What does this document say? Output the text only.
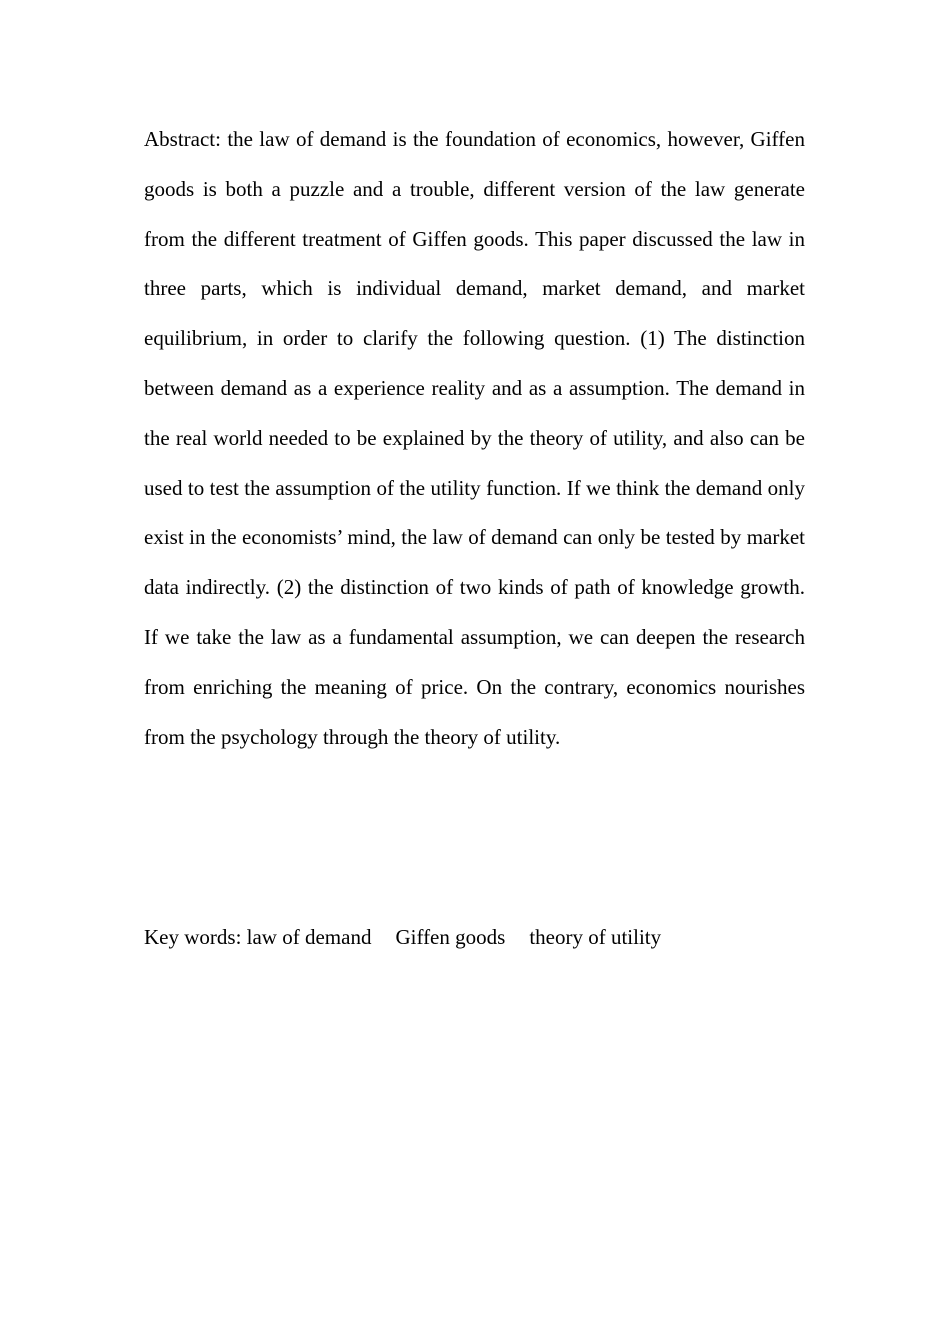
Abstract: the law of demand is the foundation of economics, however, Giffen goods is both a puzzle and a trouble, different version of the law generate from the different treatment of Giffen goods. This paper discussed the law in three parts, which is individual demand, market demand, and market equilibrium, in order to clarify the following question. (1) The distinction between demand as a experience reality and as a assumption. The demand in the real world needed to be explained by the theory of utility, and also can be used to test the assumption of the utility function. If we think the demand only exist in the economists’ mind, the law of demand can only be tested by market data indirectly. (2) the distinction of two kinds of path of knowledge growth. If we take the law as a fundamental assumption, we can deepen the research from enriching the meaning of price. On the contrary, economics nourishes from the psychology through the theory of utility.

Key words: law of demand Giffen goods theory of utility
